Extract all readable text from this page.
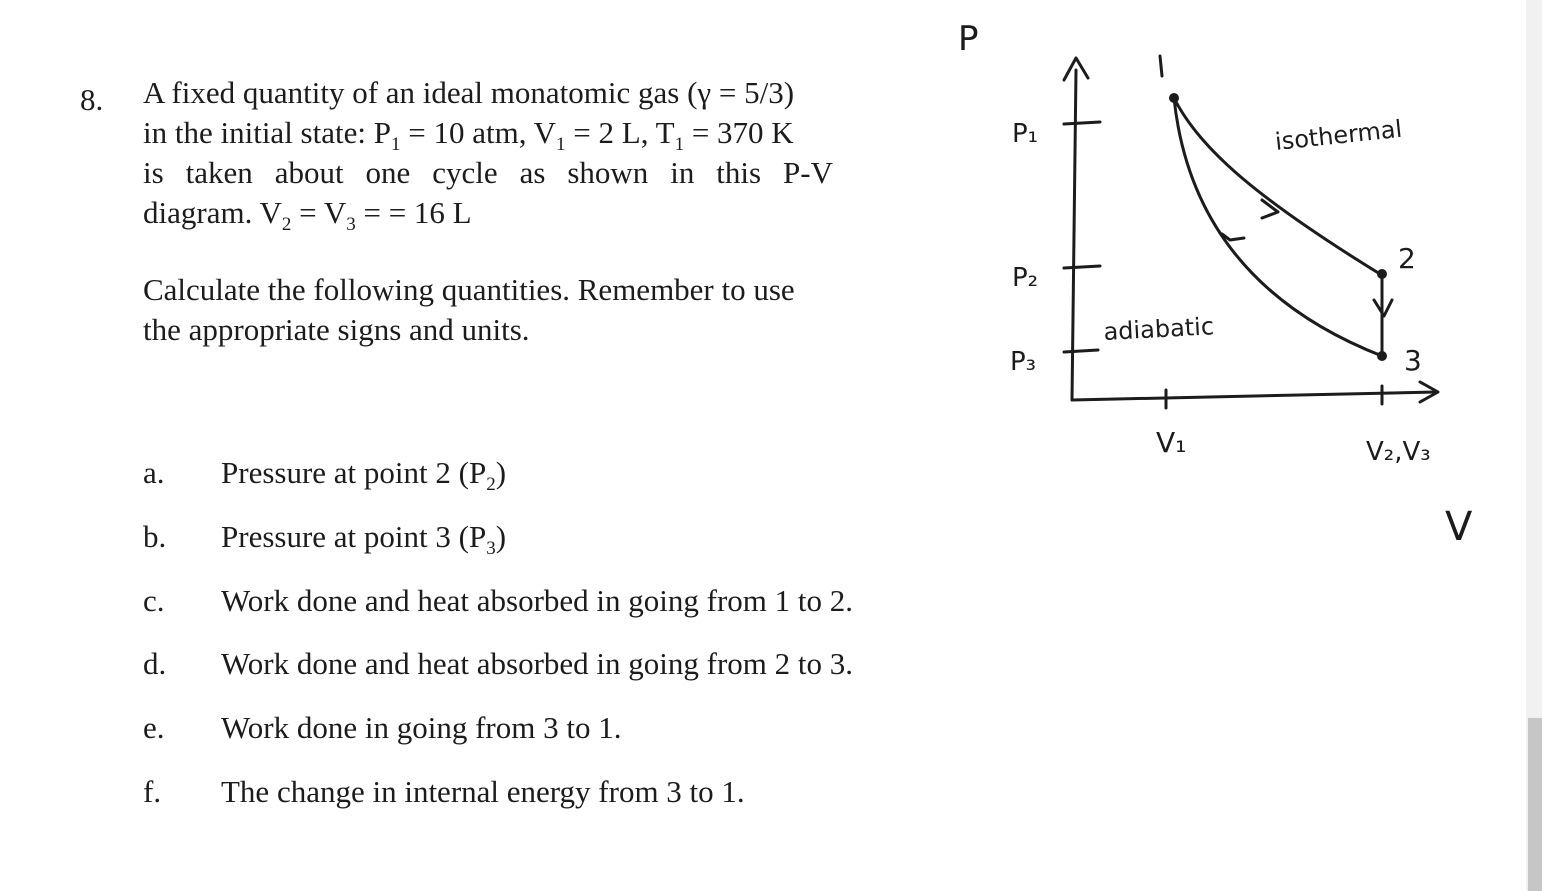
8. A fixed quantity of an ideal monatomic gas (γ = 5/3)
in the initial state: $P_1 = 10$ atm, $V_1 = 2$ L, $T_1 = 370$ K
is taken about one cycle as shown in this P-V
diagram. $V_2 = V_3$ = = 16 L
Calculate the following quantities. Remember to use
the appropriate signs and units.
a.	Pressure at point 2 $(P_2)$
b.	Pressure at point 3 $(P_3)$
c.	Work done and heat absorbed in going from 1 to 2.
d.	Work done and heat absorbed in going from 2 to 3.
e.	Work done in going from 3 to 1.
f.	The change in internal energy from 3 to 1.
P
V
P₁
P₂
P₃
V₁	V₂,V₃
1
2
3
isothermal
adiabatic
